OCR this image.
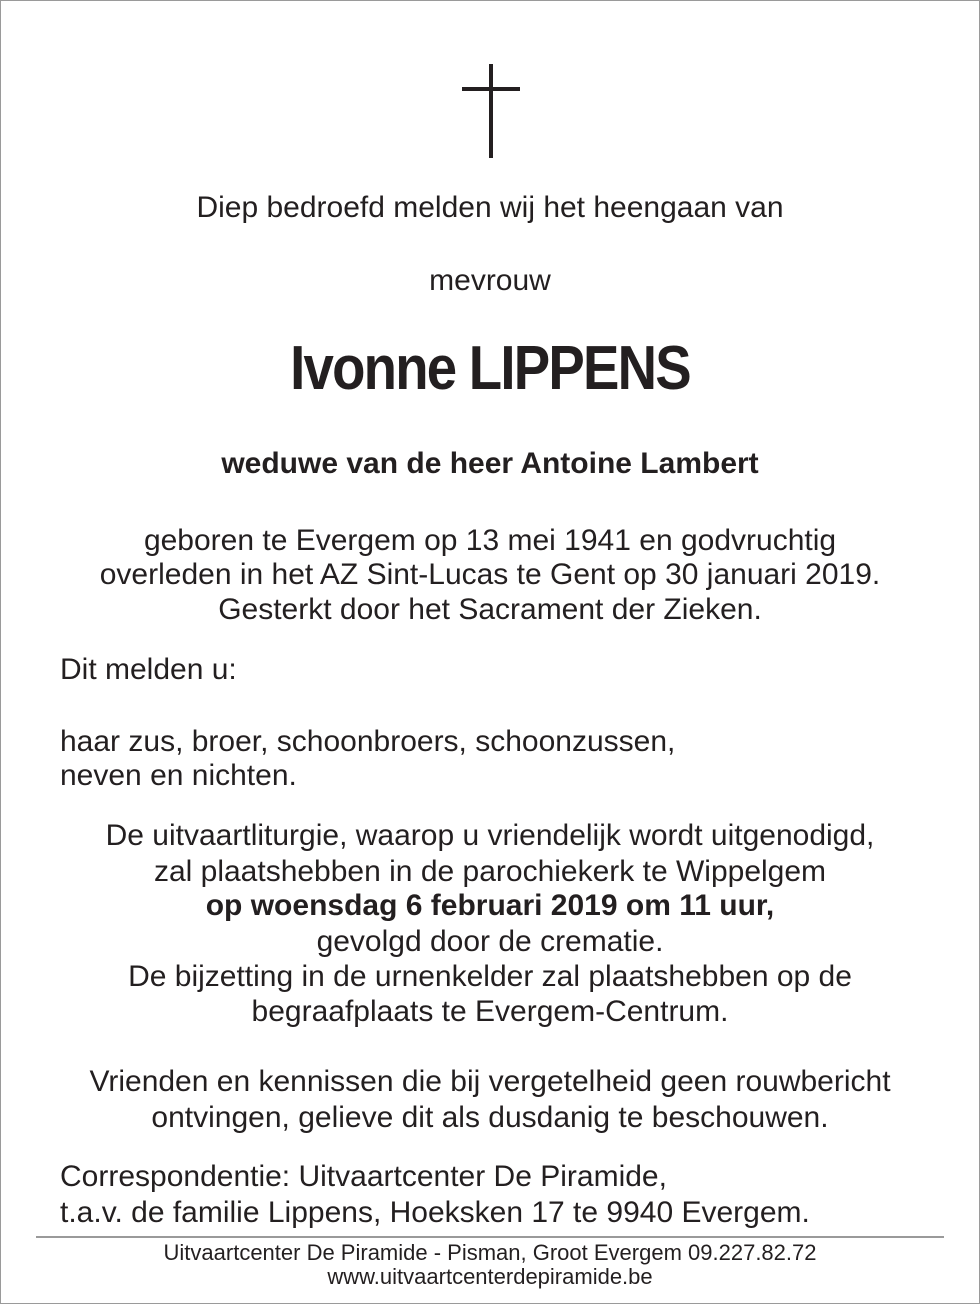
Diep bedroefd melden wij het heengaan van
mevrouw
Ivonne LIPPENS
weduwe van de heer Antoine Lambert
geboren te Evergem op 13 mei 1941 en godvruchtig
overleden in het AZ Sint-Lucas te Gent op 30 januari 2019.
Gesterkt door het Sacrament der Zieken.
Dit melden u:
haar zus, broer, schoonbroers, schoonzussen,
neven en nichten.
De uitvaartliturgie, waarop u vriendelijk wordt uitgenodigd,
zal plaatshebben in de parochiekerk te Wippelgem
op woensdag 6 februari 2019 om 11 uur,
gevolgd door de crematie.
De bijzetting in de urnenkelder zal plaatshebben op de
begraafplaats te Evergem-Centrum.
Vrienden en kennissen die bij vergetelheid geen rouwbericht
ontvingen, gelieve dit als dusdanig te beschouwen.
Correspondentie: Uitvaartcenter De Piramide,
t.a.v. de familie Lippens, Hoeksken 17 te 9940 Evergem.
Uitvaartcenter De Piramide - Pisman, Groot Evergem 09.227.82.72
www.uitvaartcenterdepiramide.be
